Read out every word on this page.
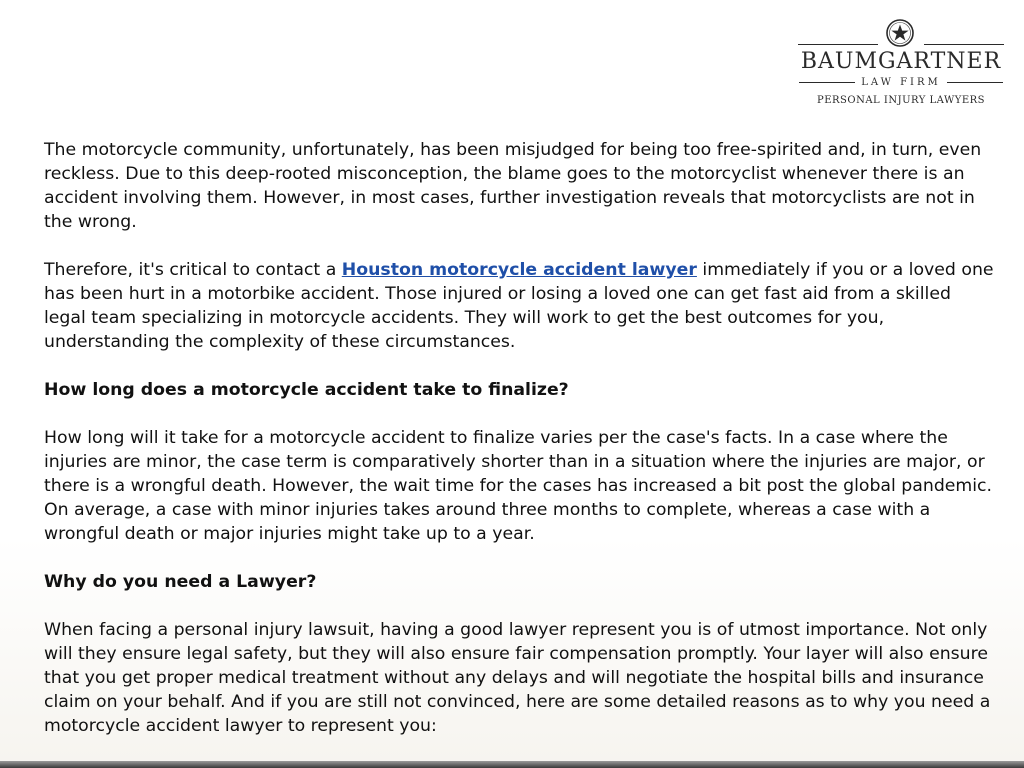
BAUMGARTNER
LAW FIRM
PERSONAL INJURY LAWYERS

The motorcycle community, unfortunately, has been misjudged for being too free-spirited and, in turn, even reckless. Due to this deep-rooted misconception, the blame goes to the motorcyclist whenever there is an accident involving them. However, in most cases, further investigation reveals that motorcyclists are not in the wrong.

Therefore, it's critical to contact a Houston motorcycle accident lawyer immediately if you or a loved one has been hurt in a motorbike accident. Those injured or losing a loved one can get fast aid from a skilled legal team specializing in motorcycle accidents. They will work to get the best outcomes for you, understanding the complexity of these circumstances.

How long does a motorcycle accident take to finalize?

How long will it take for a motorcycle accident to finalize varies per the case's facts. In a case where the injuries are minor, the case term is comparatively shorter than in a situation where the injuries are major, or there is a wrongful death. However, the wait time for the cases has increased a bit post the global pandemic. On average, a case with minor injuries takes around three months to complete, whereas a case with a wrongful death or major injuries might take up to a year.

Why do you need a Lawyer?

When facing a personal injury lawsuit, having a good lawyer represent you is of utmost importance. Not only will they ensure legal safety, but they will also ensure fair compensation promptly. Your layer will also ensure that you get proper medical treatment without any delays and will negotiate the hospital bills and insurance claim on your behalf. And if you are still not convinced, here are some detailed reasons as to why you need a motorcycle accident lawyer to represent you:
